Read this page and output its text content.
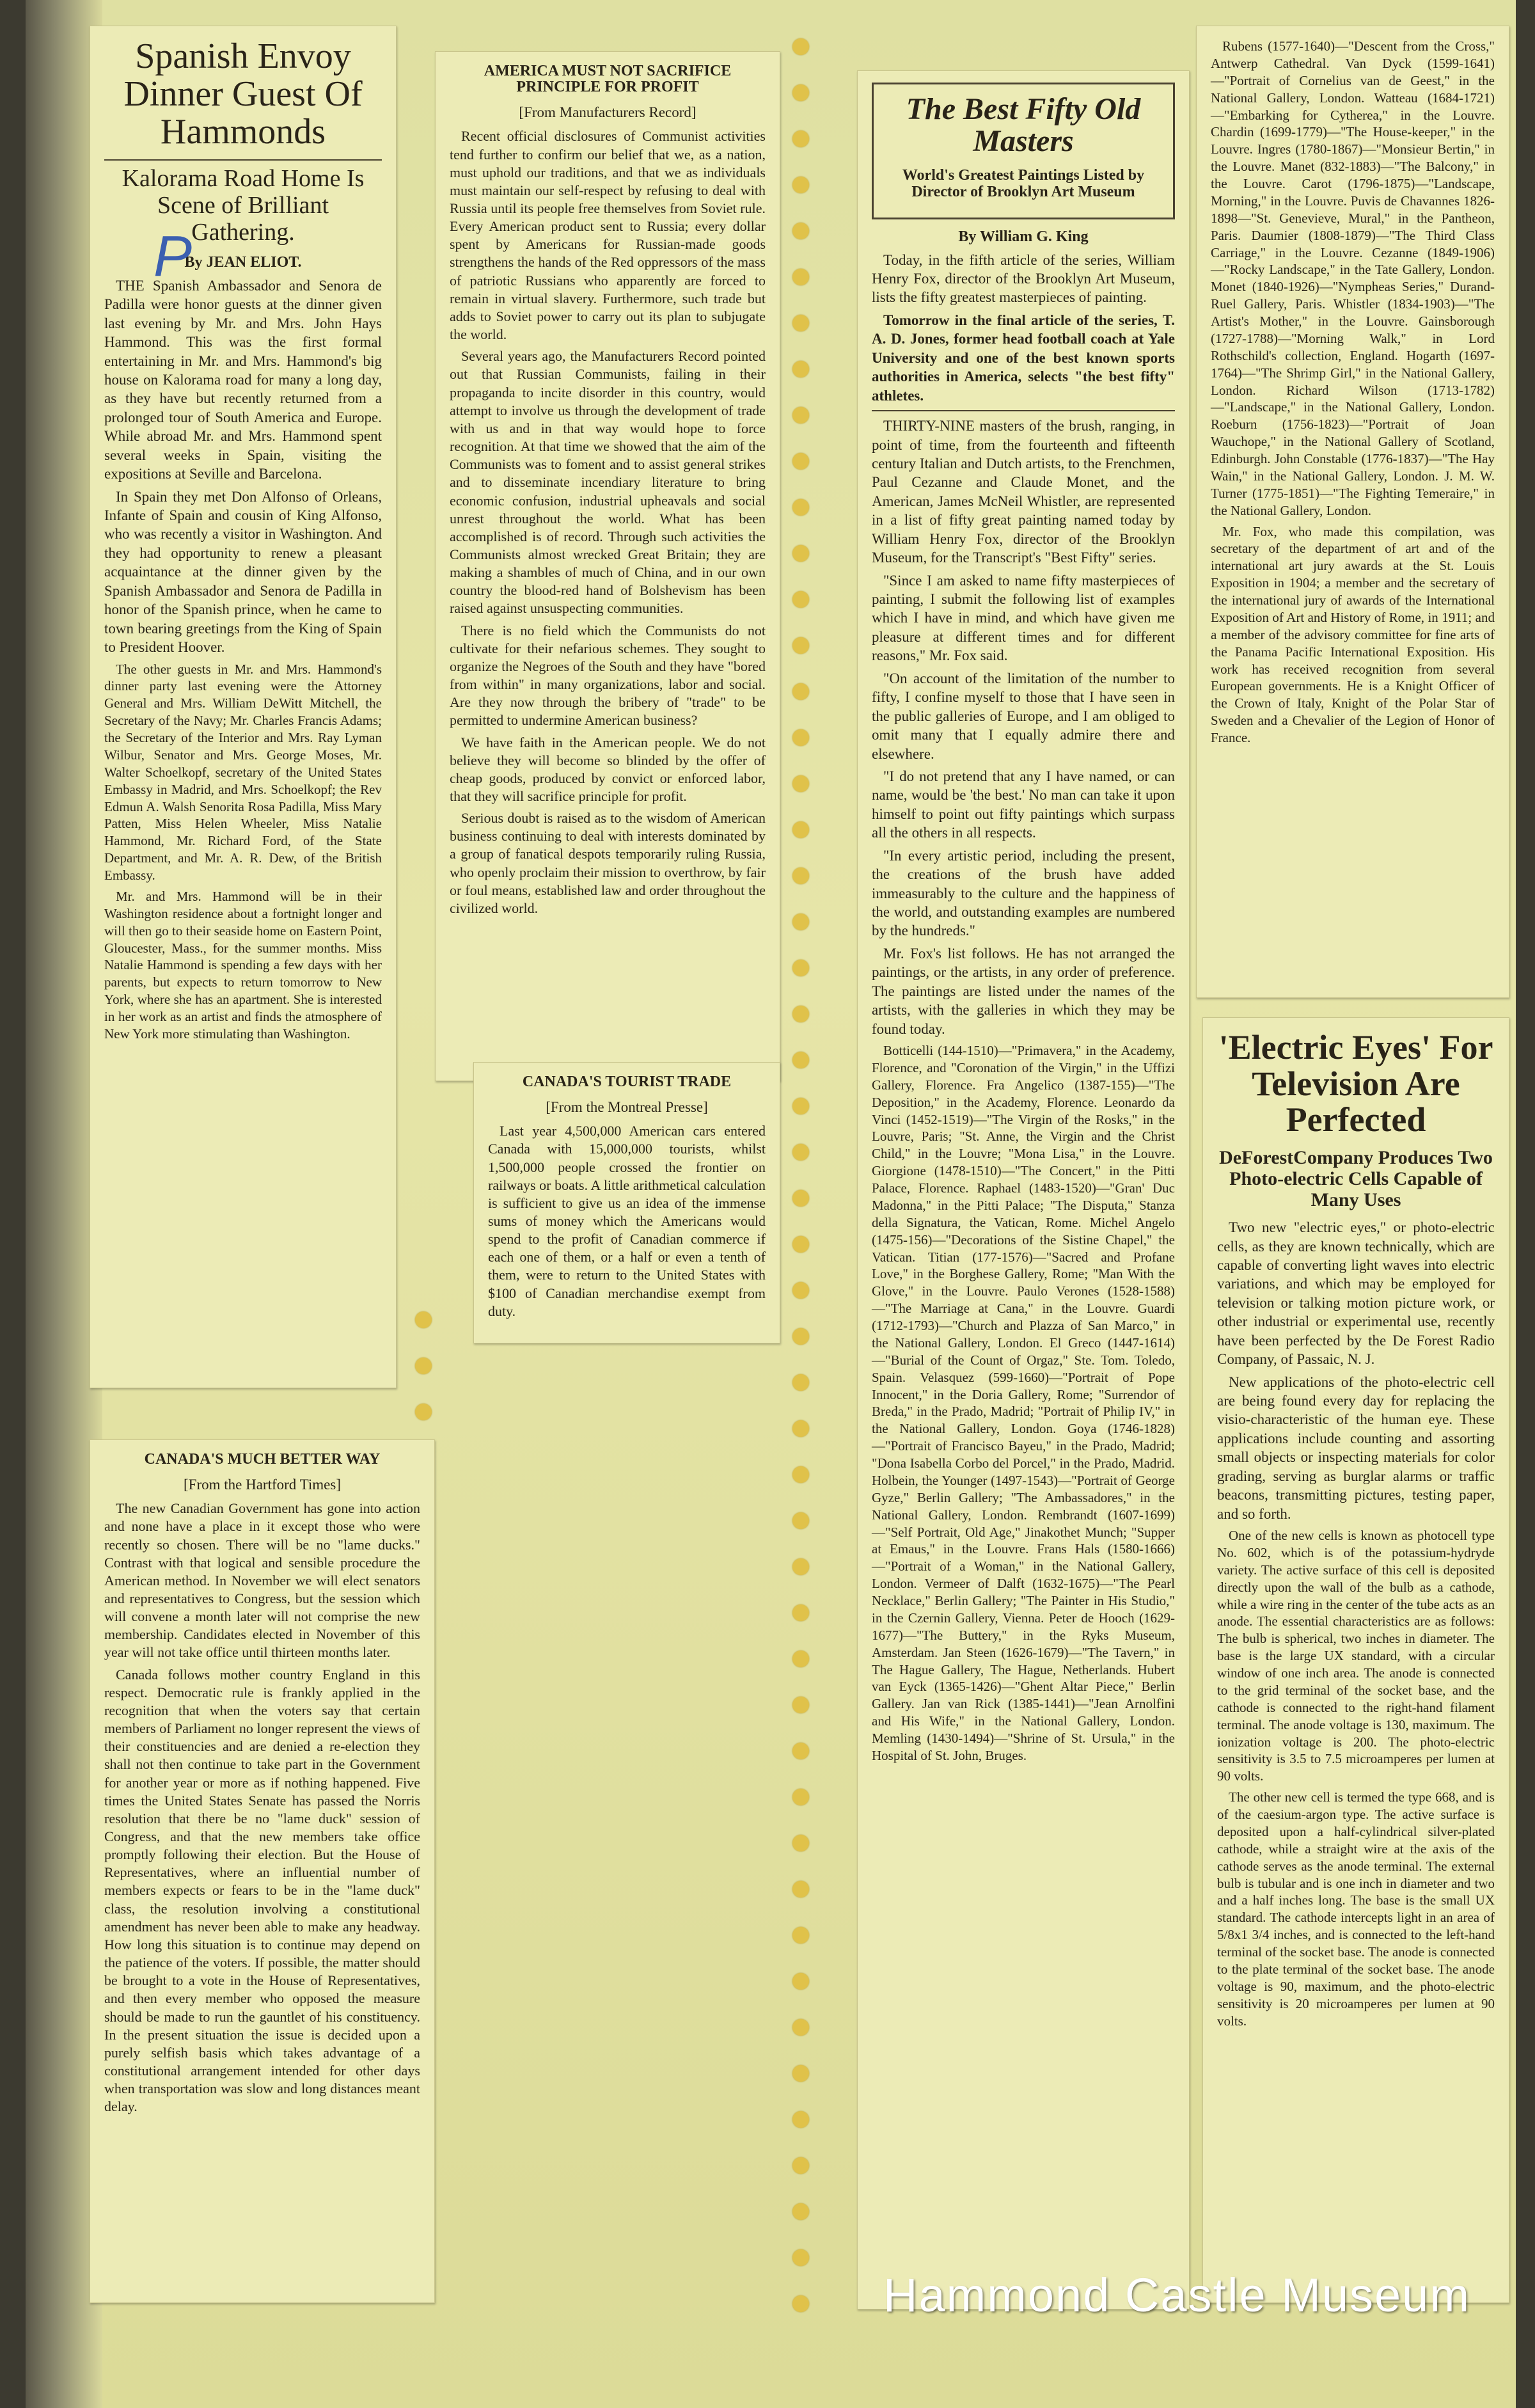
Spanish Envoy Dinner Guest Of Hammonds
Kalorama Road Home Is Scene of Brilliant Gathering.
By JEAN ELIOT.

THE Spanish Ambassador and Senora de Padilla were honor guests at the dinner given last evening by Mr. and Mrs. John Hays Hammond. This was the first formal entertaining in Mr. and Mrs. Hammond's big house on Kalorama road for many a long day, as they have but recently returned from a prolonged tour of South America and Europe. While abroad Mr. and Mrs. Hammond spent several weeks in Spain, visiting the expositions at Seville and Barcelona.

In Spain they met Don Alfonso of Orleans, Infante of Spain and cousin of King Alfonso, who was recently a visitor in Washington. And they had opportunity to renew a pleasant acquaintance at the dinner given by the Spanish Ambassador and Senora de Padilla in honor of the Spanish prince, when he came to town bearing greetings from the King of Spain to President Hoover.

The other guests in Mr. and Mrs. Hammond's dinner party last evening were the Attorney General and Mrs. William DeWitt Mitchell, the Secretary of the Navy; Mr. Charles Francis Adams; the Secretary of the Interior and Mrs. Ray Lyman Wilbur, Senator and Mrs. George Moses, Mr. Walter Schoelkopf, secretary of the United States Embassy in Madrid, and Mrs. Schoelkopf; the Rev Edmun A. Walsh Senorita Rosa Padilla, Miss Mary Patten, Miss Helen Wheeler, Miss Natalie Hammond, Mr. Richard Ford, of the State Department, and Mr. A. R. Dew, of the British Embassy.

Mr. and Mrs. Hammond will be in their Washington residence about a fortnight longer and will then go to their seaside home on Eastern Point, Gloucester, Mass., for the summer months. Miss Natalie Hammond is spending a few days with her parents, but expects to return tomorrow to New York, where she has an apartment. She is interested in her work as an artist and finds the atmosphere of New York more stimulating than Washington.

P
AMERICA MUST NOT SACRIFICE PRINCIPLE FOR PROFIT
[From Manufacturers Record]

Recent official disclosures of Communist activities tend further to confirm our belief that we, as a nation, must uphold our traditions, and that we as individuals must maintain our self-respect by refusing to deal with Russia until its people free themselves from Soviet rule. Every American product sent to Russia; every dollar spent by Americans for Russian-made goods strengthens the hands of the Red oppressors of the mass of patriotic Russians who apparently are forced to remain in virtual slavery. Furthermore, such trade but adds to Soviet power to carry out its plan to subjugate the world.

Several years ago, the Manufacturers Record pointed out that Russian Communists, failing in their propaganda to incite disorder in this country, would attempt to involve us through the development of trade with us and in that way would hope to force recognition. At that time we showed that the aim of the Communists was to foment and to assist general strikes and to disseminate incendiary literature to bring economic confusion, industrial upheavals and social unrest throughout the world. What has been accomplished is of record. Through such activities the Communists almost wrecked Great Britain; they are making a shambles of much of China, and in our own country the blood-red hand of Bolshevism has been raised against unsuspecting communities.

There is no field which the Communists do not cultivate for their nefarious schemes. They sought to organize the Negroes of the South and they have "bored from within" in many organizations, labor and social. Are they now through the bribery of "trade" to be permitted to undermine American business?

We have faith in the American people. We do not believe they will become so blinded by the offer of cheap goods, produced by convict or enforced labor, that they will sacrifice principle for profit.

Serious doubt is raised as to the wisdom of American business continuing to deal with interests dominated by a group of fanatical despots temporarily ruling Russia, who openly proclaim their mission to overthrow, by fair or foul means, established law and order throughout the civilized world.

CANADA'S TOURIST TRADE
[From the Montreal Presse]

Last year 4,500,000 American cars entered Canada with 15,000,000 tourists, whilst 1,500,000 people crossed the frontier on railways or boats. A little arithmetical calculation is sufficient to give us an idea of the immense sums of money which the Americans would spend to the profit of Canadian commerce if each one of them, or a half or even a tenth of them, were to return to the United States with $100 of Canadian merchandise exempt from duty.

CANADA'S MUCH BETTER WAY
[From the Hartford Times]

The new Canadian Government has gone into action and none have a place in it except those who were recently so chosen. There will be no "lame ducks." Contrast with that logical and sensible procedure the American method. In November we will elect senators and representatives to Congress, but the session which will convene a month later will not comprise the new membership. Candidates elected in November of this year will not take office until thirteen months later.

Canada follows mother country England in this respect. Democratic rule is frankly applied in the recognition that when the voters say that certain members of Parliament no longer represent the views of their constituencies and are denied a re-election they shall not then continue to take part in the Government for another year or more as if nothing happened. Five times the United States Senate has passed the Norris resolution that there be no "lame duck" session of Congress, and that the new members take office promptly following their election. But the House of Representatives, where an influential number of members expects or fears to be in the "lame duck" class, the resolution involving a constitutional amendment has never been able to make any headway. How long this situation is to continue may depend on the patience of the voters. If possible, the matter should be brought to a vote in the House of Representatives, and then every member who opposed the measure should be made to run the gauntlet of his constituency. In the present situation the issue is decided upon a purely selfish basis which takes advantage of a constitutional arrangement intended for other days when transportation was slow and long distances meant delay.

The Best Fifty Old Masters
World's Greatest Paintings Listed by Director of Brooklyn Art Museum
By William G. King

Today, in the fifth article of the series, William Henry Fox, director of the Brooklyn Art Museum, lists the fifty greatest masterpieces of painting.

Tomorrow in the final article of the series, T. A. D. Jones, former head football coach at Yale University and one of the best known sports authorities in America, selects "the best fifty" athletes.

THIRTY-NINE masters of the brush, ranging, in point of time, from the fourteenth and fifteenth century Italian and Dutch artists, to the Frenchmen, Paul Cezanne and Claude Monet, and the American, James McNeil Whistler, are represented in a list of fifty great painting named today by William Henry Fox, director of the Brooklyn Museum, for the Transcript's "Best Fifty" series.

"Since I am asked to name fifty masterpieces of painting, I submit the following list of examples which I have in mind, and which have given me pleasure at different times and for different reasons," Mr. Fox said.

"On account of the limitation of the number to fifty, I confine myself to those that I have seen in the public galleries of Europe, and I am obliged to omit many that I equally admire there and elsewhere.

"I do not pretend that any I have named, or can name, would be 'the best.' No man can take it upon himself to point out fifty paintings which surpass all the others in all respects.

"In every artistic period, including the present, the creations of the brush have added immeasurably to the culture and the happiness of the world, and outstanding examples are numbered by the hundreds."

Mr. Fox's list follows. He has not arranged the paintings, or the artists, in any order of preference. The paintings are listed under the names of the artists, with the galleries in which they may be found today.

Botticelli (144-1510)—"Primavera," in the Academy, Florence, and "Coronation of the Virgin," in the Uffizi Gallery, Florence. Fra Angelico (1387-155)—"The Deposition," in the Academy, Florence. Leonardo da Vinci (1452-1519)—"The Virgin of the Rosks," in the Louvre, Paris; "St. Anne, the Virgin and the Christ Child," in the Louvre; "Mona Lisa," in the Louvre. Giorgione (1478-1510)—"The Concert," in the Pitti Palace, Florence. Raphael (1483-1520)—"Gran' Duc Madonna," in the Pitti Palace; "The Disputa," Stanza della Signatura, the Vatican, Rome. Michel Angelo (1475-156)—"Decorations of the Sistine Chapel," the Vatican. Titian (177-1576)—"Sacred and Profane Love," in the Borghese Gallery, Rome; "Man With the Glove," in the Louvre. Paulo Verones (1528-1588)—"The Marriage at Cana," in the Louvre. Guardi (1712-1793)—"Church and Plazza of San Marco," in the National Gallery, London. El Greco (1447-1614)—"Burial of the Count of Orgaz," Ste. Tom. Toledo, Spain. Velasquez (599-1660)—"Portrait of Pope Innocent," in the Doria Gallery, Rome; "Surrendor of Breda," in the Prado, Madrid; "Portrait of Philip IV," in the National Gallery, London. Goya (1746-1828)—"Portrait of Francisco Bayeu," in the Prado, Madrid; "Dona Isabella Corbo del Porcel," in the Prado, Madrid. Holbein, the Younger (1497-1543)—"Portrait of George Gyze," Berlin Gallery; "The Ambassadores," in the National Gallery, London. Rembrandt (1607-1699)—"Self Portrait, Old Age," Jinakothet Munch; "Supper at Emaus," in the Louvre. Frans Hals (1580-1666)—"Portrait of a Woman," in the National Gallery, London. Vermeer of Dalft (1632-1675)—"The Pearl Necklace," Berlin Gallery; "The Painter in His Studio," in the Czernin Gallery, Vienna. Peter de Hooch (1629-1677)—"The Buttery," in the Ryks Museum, Amsterdam. Jan Steen (1626-1679)—"The Tavern," in The Hague Gallery, The Hague, Netherlands. Hubert van Eyck (1365-1426)—"Ghent Altar Piece," Berlin Gallery. Jan van Rick (1385-1441)—"Jean Arnolfini and His Wife," in the National Gallery, London. Memling (1430-1494)—"Shrine of St. Ursula," in the Hospital of St. John, Bruges.

Rubens (1577-1640)—"Descent from the Cross," Antwerp Cathedral. Van Dyck (1599-1641)—"Portrait of Cornelius van de Geest," in the National Gallery, London. Watteau (1684-1721)—"Embarking for Cytherea," in the Louvre. Chardin (1699-1779)—"The House-keeper," in the Louvre. Ingres (1780-1867)—"Monsieur Bertin," in the Louvre. Manet (832-1883)—"The Balcony," in the Louvre. Carot (1796-1875)—"Landscape, Morning," in the Louvre. Puvis de Chavannes 1826-1898—"St. Genevieve, Mural," in the Pantheon, Paris. Daumier (1808-1879)—"The Third Class Carriage," in the Louvre. Cezanne (1849-1906)—"Rocky Landscape," in the Tate Gallery, London. Monet (1840-1926)—"Nympheas Series," Durand-Ruel Gallery, Paris. Whistler (1834-1903)—"The Artist's Mother," in the Louvre. Gainsborough (1727-1788)—"Morning Walk," in Lord Rothschild's collection, England. Hogarth (1697-1764)—"The Shrimp Girl," in the National Gallery, London. Richard Wilson (1713-1782)—"Landscape," in the National Gallery, London. Roeburn (1756-1823)—"Portrait of Joan Wauchope," in the National Gallery of Scotland, Edinburgh. John Constable (1776-1837)—"The Hay Wain," in the National Gallery, London. J. M. W. Turner (1775-1851)—"The Fighting Temeraire," in the National Gallery, London.

Mr. Fox, who made this compilation, was secretary of the department of art and of the international art jury awards at the St. Louis Exposition in 1904; a member and the secretary of the international jury of awards of the International Exposition of Art and History of Rome, in 1911; and a member of the advisory committee for fine arts of the Panama Pacific International Exposition. His work has received recognition from several European governments. He is a Knight Officer of the Crown of Italy, Knight of the Polar Star of Sweden and a Chevalier of the Legion of Honor of France.

'Electric Eyes' For Television Are Perfected
DeForestCompany Produces Two Photo-electric Cells Capable of Many Uses

Two new "electric eyes," or photo-electric cells, as they are known technically, which are capable of converting light waves into electric variations, and which may be employed for television or talking motion picture work, or other industrial or experimental use, recently have been perfected by the De Forest Radio Company, of Passaic, N. J.

New applications of the photo-electric cell are being found every day for replacing the visio-characteristic of the human eye. These applications include counting and assorting small objects or inspecting materials for color grading, serving as burglar alarms or traffic beacons, transmitting pictures, testing paper, and so forth.

One of the new cells is known as photocell type No. 602, which is of the potassium-hydryde variety. The active surface of this cell is deposited directly upon the wall of the bulb as a cathode, while a wire ring in the center of the tube acts as an anode. The essential characteristics are as follows: The bulb is spherical, two inches in diameter. The base is the large UX standard, with a circular window of one inch area. The anode is connected to the grid terminal of the socket base, and the cathode is connected to the right-hand filament terminal. The anode voltage is 130, maximum. The ionization voltage is 200. The photo-electric sensitivity is 3.5 to 7.5 microamperes per lumen at 90 volts.

The other new cell is termed the type 668, and is of the caesium-argon type. The active surface is deposited upon a half-cylindrical silver-plated cathode, while a straight wire at the axis of the cathode serves as the anode terminal. The external bulb is tubular and is one inch in diameter and two and a half inches long. The base is the small UX standard. The cathode intercepts light in an area of 5/8x1 3/4 inches, and is connected to the left-hand terminal of the socket base. The anode is connected to the plate terminal of the socket base. The anode voltage is 90, maximum, and the photo-electric sensitivity is 20 microamperes per lumen at 90 volts.

Hammond Castle Museum
